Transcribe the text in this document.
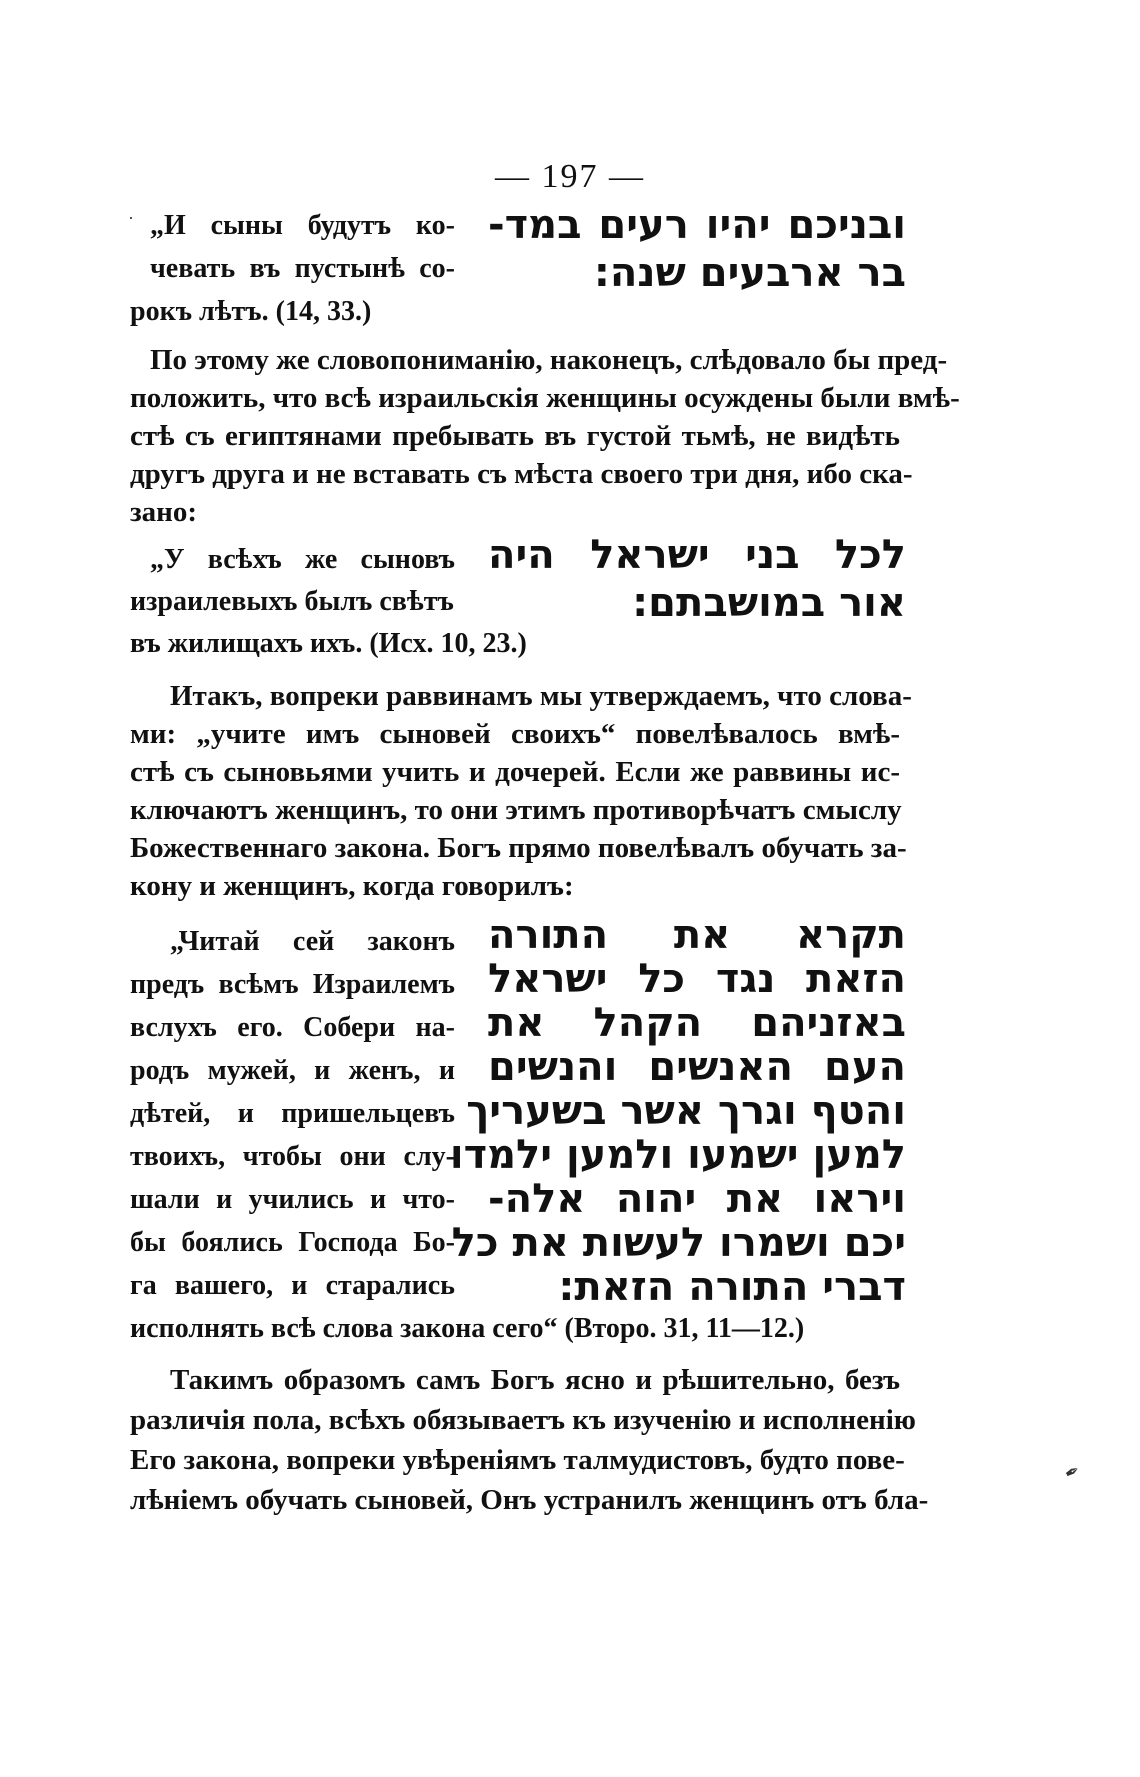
— 197 —
„И сыны будутъ ко-
чевать въ пустынѣ со-
рокъ лѣтъ. (14, 33.)
ובניכם יהיו רעים במד-
בר ארבעים שנה:
По этому же словопониманію, наконецъ, слѣдовало бы пред-
положить, что всѣ израильскія женщины осуждены были вмѣ-
стѣ съ египтянами пребывать въ густой тьмѣ, не видѣть
другъ друга и не вставать съ мѣста своего три дня, ибо ска-
зано:
„У всѣхъ же сыновъ
израилевыхъ былъ свѣтъ
въ жилищахъ ихъ. (Исх. 10, 23.)
לכל בני ישראל היה
אור במושבתם:
Итакъ, вопреки раввинамъ мы утверждаемъ, что слова-
ми: „учите имъ сыновей своихъ“ повелѣвалось вмѣ-
стѣ съ сыновьями учить и дочерей. Если же раввины ис-
ключаютъ женщинъ, то они этимъ противорѣчатъ смыслу
Божественнаго закона. Богъ прямо повелѣвалъ обучать за-
кону и женщинъ, когда говорилъ:
„Читай сей законъ
предъ всѣмъ Израилемъ
вслухъ его. Собери на-
родъ мужей, и женъ, и
дѣтей, и пришельцевъ
твоихъ, чтобы они слу-
шали и учились и что-
бы боялись Господа Бо-
га вашего, и старались
исполнять всѣ слова закона сего“ (Второ. 31, 11—12.)
תקרא את התורה
הזאת נגד כל ישראל
באזניהם הקהל את
העם האנשים והנשים
והטף וגרך אשר בשעריך
למען ישמעו ולמען ילמדו
ויראו את יהוה אלה-
יכם ושמרו לעשות את כל
דברי התורה הזאת:
Такимъ образомъ самъ Богъ ясно и рѣшительно, безъ
различія пола, всѣхъ обязываетъ къ изученію и исполненію
Его закона, вопреки увѣреніямъ талмудистовъ, будто пове-
лѣніемъ обучать сыновей, Онъ устранилъ женщинъ отъ бла-
·
✒
